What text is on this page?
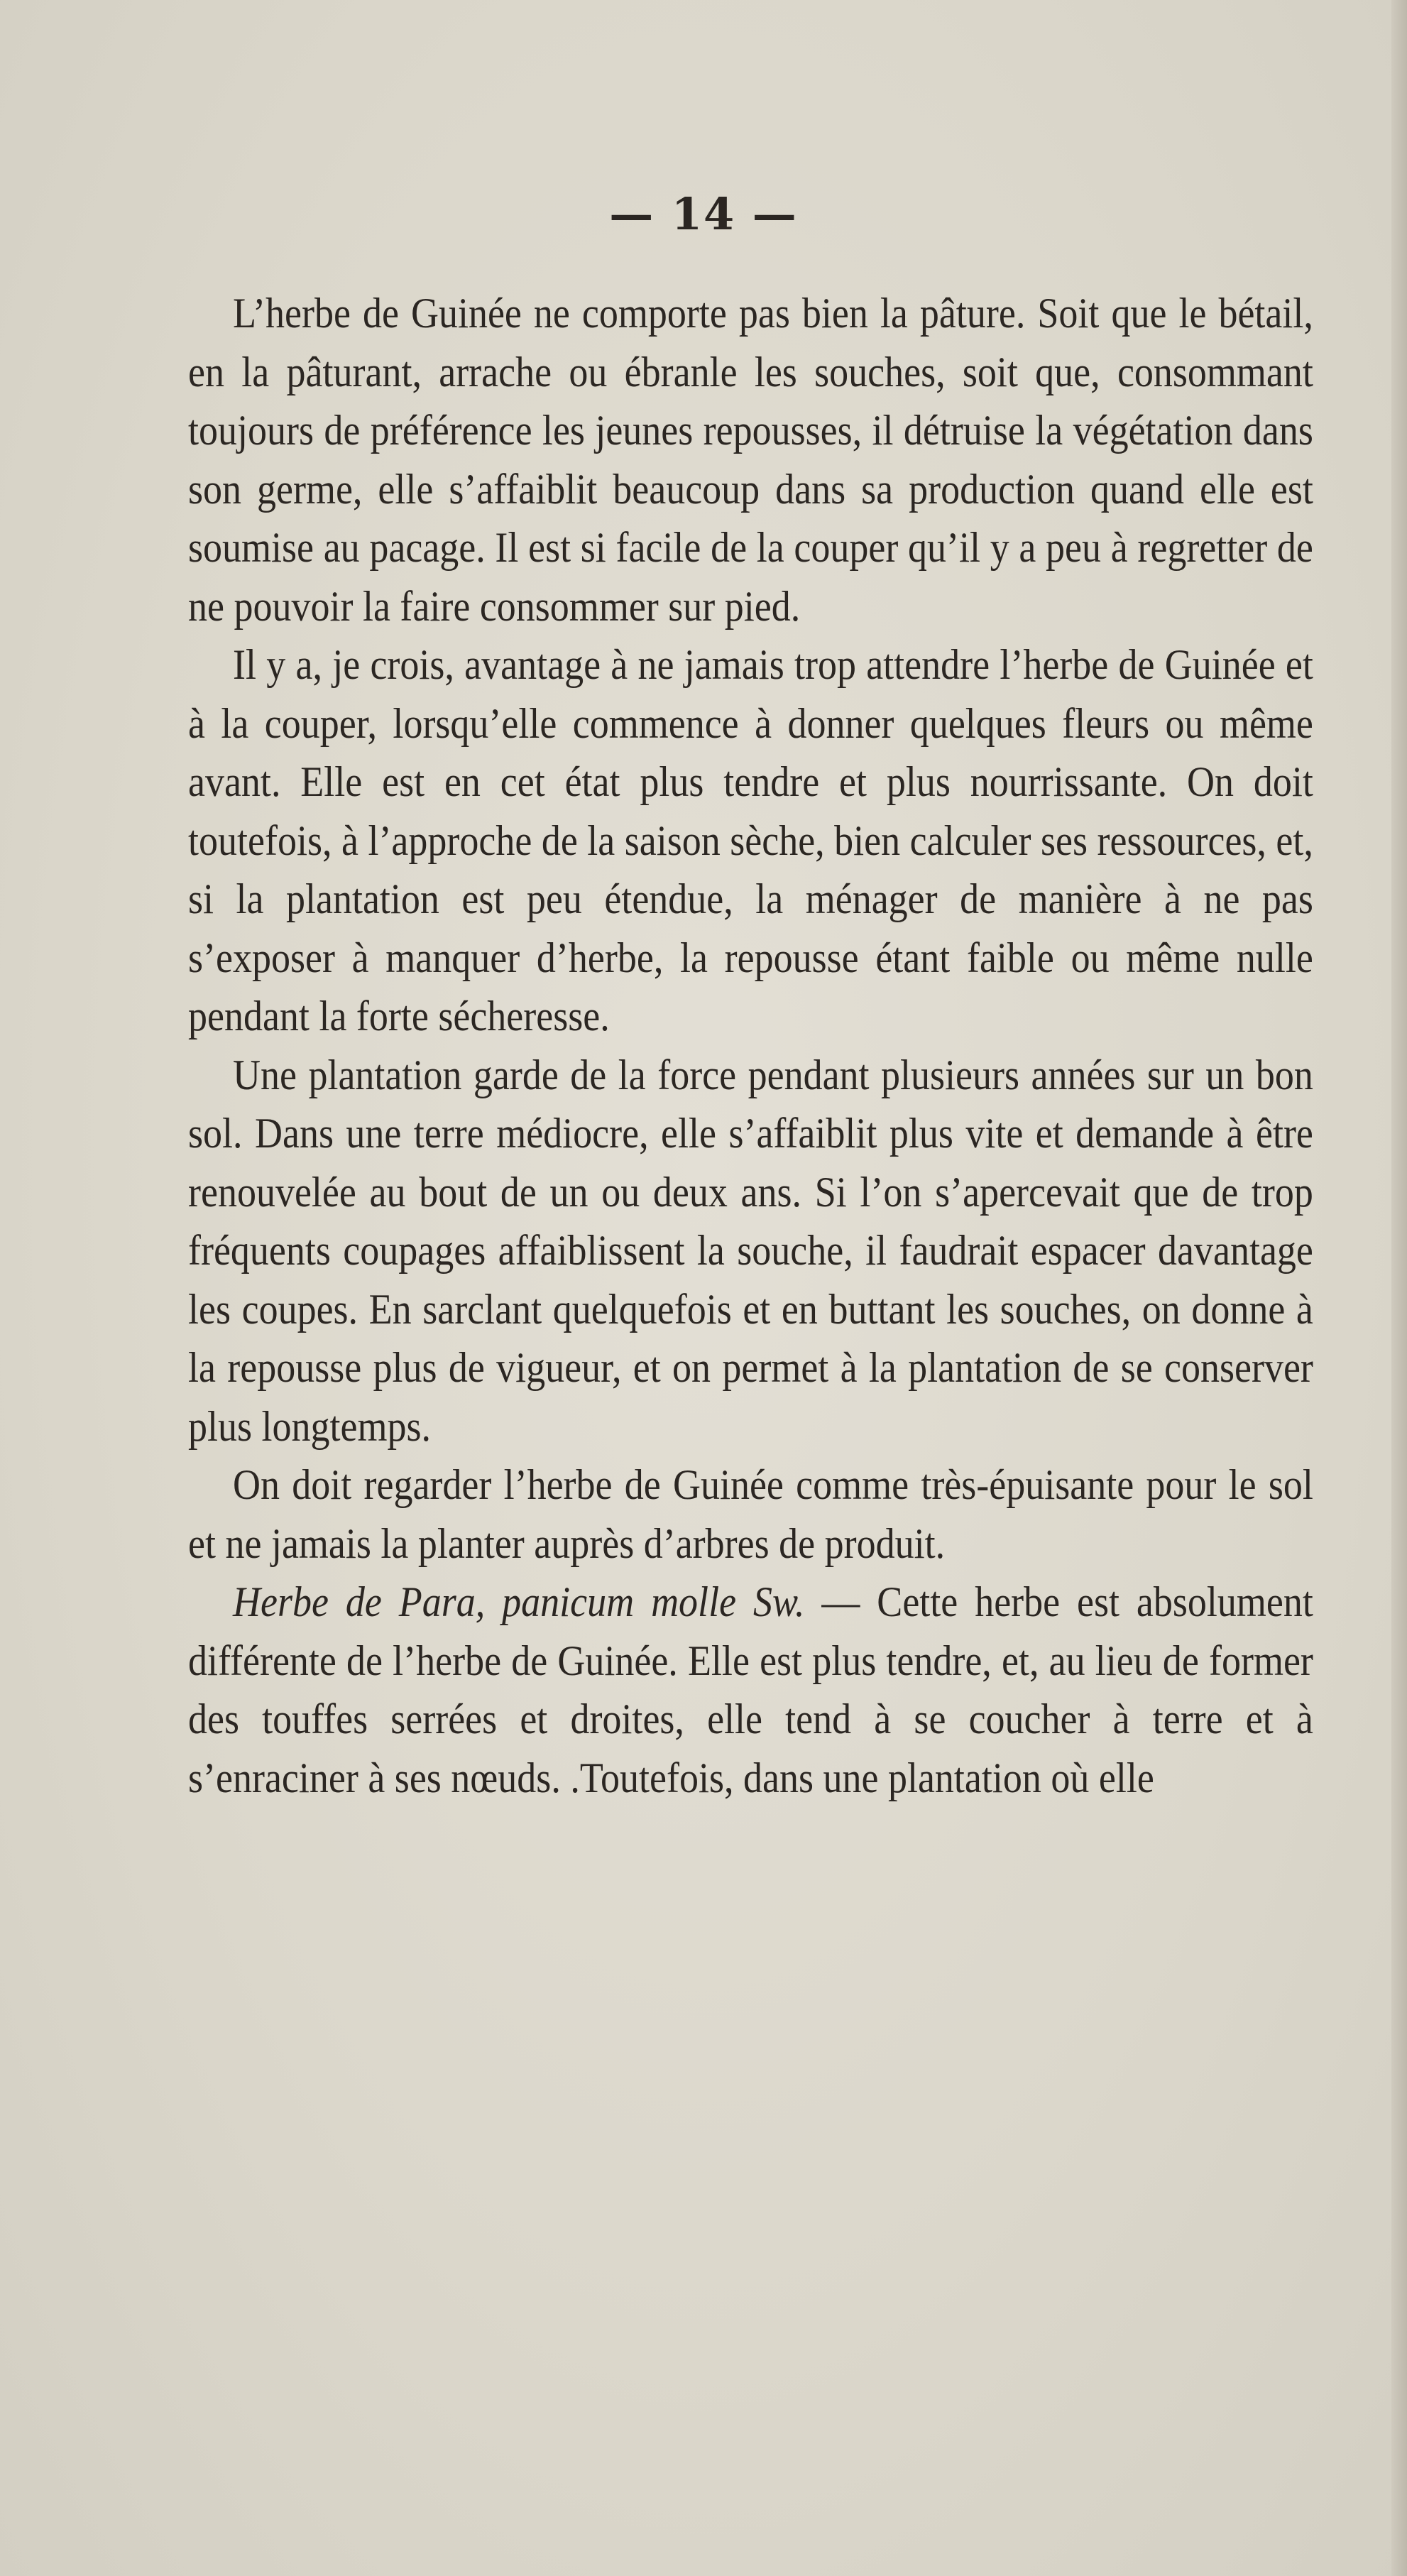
— 14 —

L’herbe de Guinée ne comporte pas bien la pâture. Soit que le bétail, en la pâturant, arrache ou ébranle les souches, soit que, consommant toujours de préférence les jeunes repousses, il détruise la végétation dans son germe, elle s’affaiblit beaucoup dans sa production quand elle est soumise au pacage. Il est si facile de la couper qu’il y a peu à regretter de ne pouvoir la faire consommer sur pied.

Il y a, je crois, avantage à ne jamais trop attendre l’herbe de Guinée et à la couper, lorsqu’elle commence à donner quelques fleurs ou même avant. Elle est en cet état plus tendre et plus nourrissante. On doit toutefois, à l’approche de la saison sèche, bien calculer ses ressources, et, si la plantation est peu étendue, la ménager de manière à ne pas s’exposer à manquer d’herbe, la repousse étant faible ou même nulle pendant la forte sécheresse.

Une plantation garde de la force pendant plusieurs années sur un bon sol. Dans une terre médiocre, elle s’affaiblit plus vite et demande à être renouvelée au bout de un ou deux ans. Si l’on s’apercevait que de trop fréquents coupages affaiblissent la souche, il faudrait espacer davantage les coupes. En sarclant quelquefois et en buttant les souches, on donne à la repousse plus de vigueur, et on permet à la plantation de se conserver plus longtemps.

On doit regarder l’herbe de Guinée comme très-épuisante pour le sol et ne jamais la planter auprès d’arbres de produit.

Herbe de Para, panicum molle Sw. — Cette herbe est absolument différente de l’herbe de Guinée. Elle est plus tendre, et, au lieu de former des touffes serrées et droites, elle tend à se coucher à terre et à s’enraciner à ses nœuds. .Toutefois, dans une plantation où elle
